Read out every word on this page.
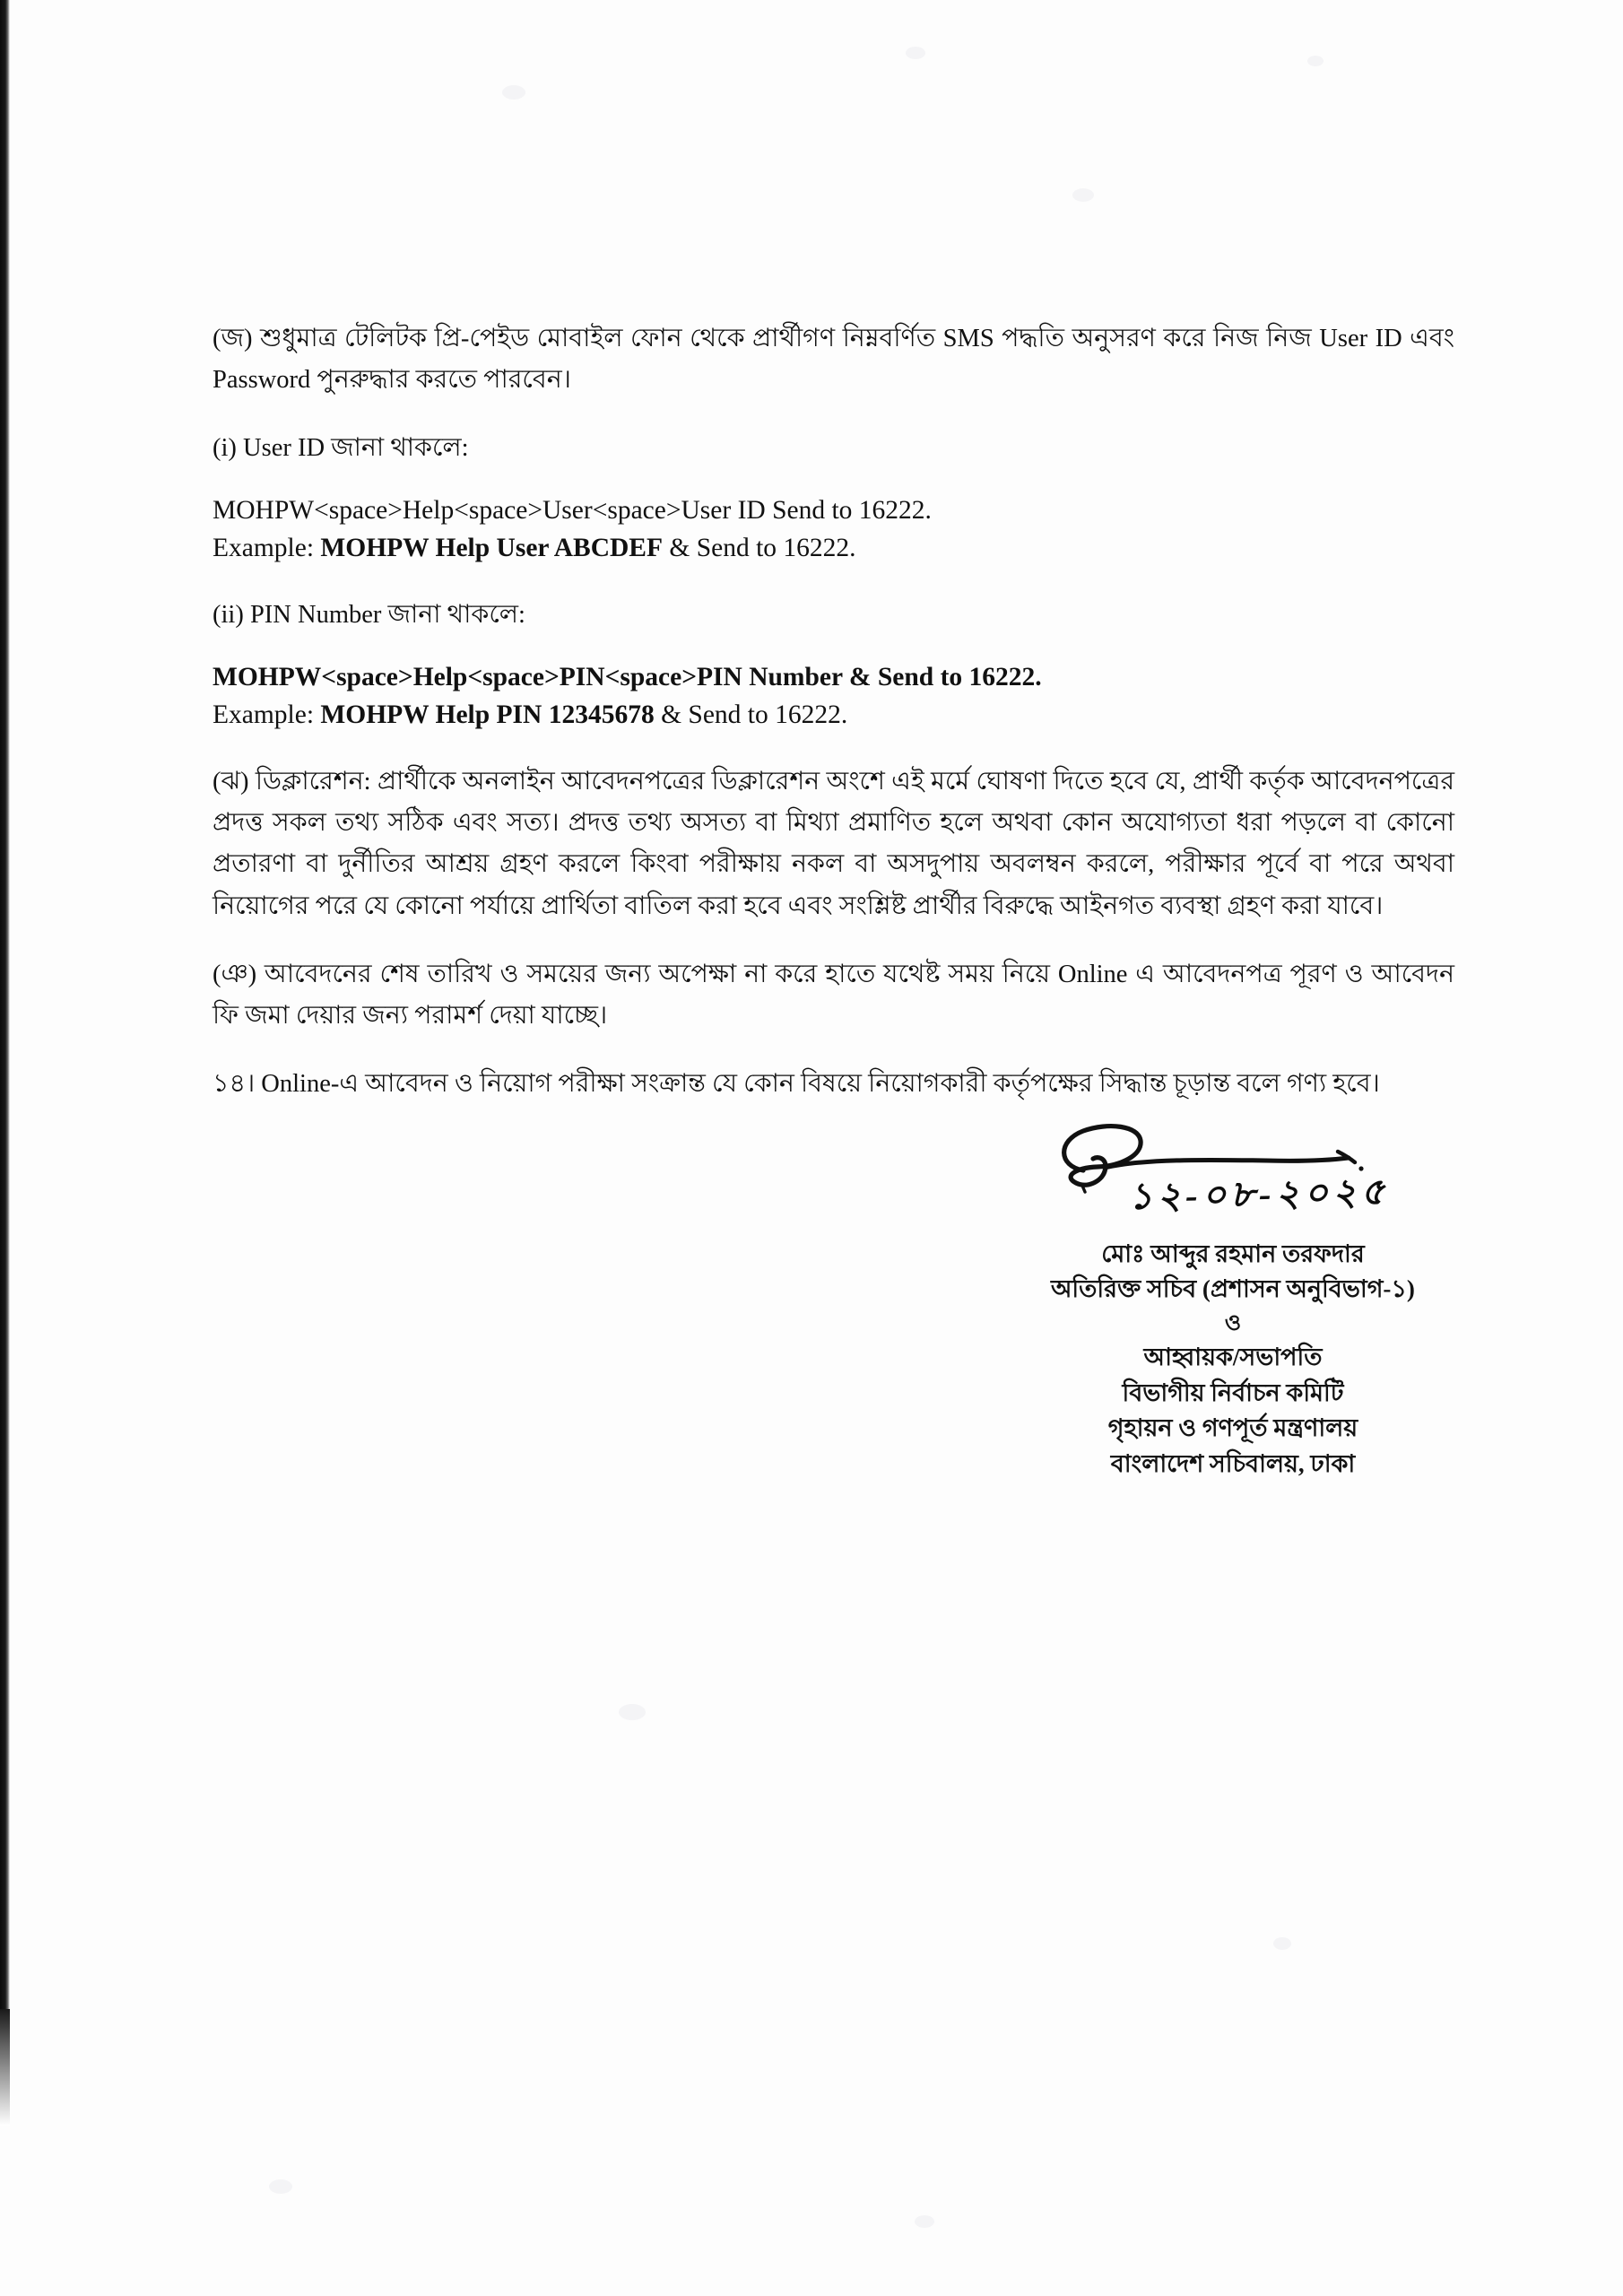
(জ) শুধুমাত্র টেলিটক প্রি-পেইড মোবাইল ফোন থেকে প্রার্থীগণ নিম্নবর্ণিত SMS পদ্ধতি অনুসরণ করে নিজ নিজ User ID এবং Password পুনরুদ্ধার করতে পারবেন।

(i) User ID জানা থাকলে:

MOHPW<space>Help<space>User<space>User ID Send to 16222.
Example: MOHPW Help User ABCDEF & Send to 16222.

(ii) PIN Number জানা থাকলে:

MOHPW<space>Help<space>PIN<space>PIN Number & Send to 16222.
Example: MOHPW Help PIN 12345678 & Send to 16222.

(ঝ) ডিক্লারেশন: প্রার্থীকে অনলাইন আবেদনপত্রের ডিক্লারেশন অংশে এই মর্মে ঘোষণা দিতে হবে যে, প্রার্থী কর্তৃক আবেদনপত্রের প্রদত্ত সকল তথ্য সঠিক এবং সত্য। প্রদত্ত তথ্য অসত্য বা মিথ্যা প্রমাণিত হলে অথবা কোন অযোগ্যতা ধরা পড়লে বা কোনো প্রতারণা বা দুর্নীতির আশ্রয় গ্রহণ করলে কিংবা পরীক্ষায় নকল বা অসদুপায় অবলম্বন করলে, পরীক্ষার পূর্বে বা পরে অথবা নিয়োগের পরে যে কোনো পর্যায়ে প্রার্থিতা বাতিল করা হবে এবং সংশ্লিষ্ট প্রার্থীর বিরুদ্ধে আইনগত ব্যবস্থা গ্রহণ করা যাবে।

(ঞ) আবেদনের শেষ তারিখ ও সময়ের জন্য অপেক্ষা না করে হাতে যথেষ্ট সময় নিয়ে Online এ আবেদনপত্র পূরণ ও আবেদন ফি জমা দেয়ার জন্য পরামর্শ দেয়া যাচ্ছে।

১৪। Online-এ আবেদন ও নিয়োগ পরীক্ষা সংক্রান্ত যে কোন বিষয়ে নিয়োগকারী কর্তৃপক্ষের সিদ্ধান্ত চূড়ান্ত বলে গণ্য হবে।

১২-০৮-২০২৫
মোঃ আব্দুর রহমান তরফদার
অতিরিক্ত সচিব (প্রশাসন অনুবিভাগ-১)
ও
আহ্বায়ক/সভাপতি
বিভাগীয় নির্বাচন কমিটি
গৃহায়ন ও গণপূর্ত মন্ত্রণালয়
বাংলাদেশ সচিবালয়, ঢাকা
